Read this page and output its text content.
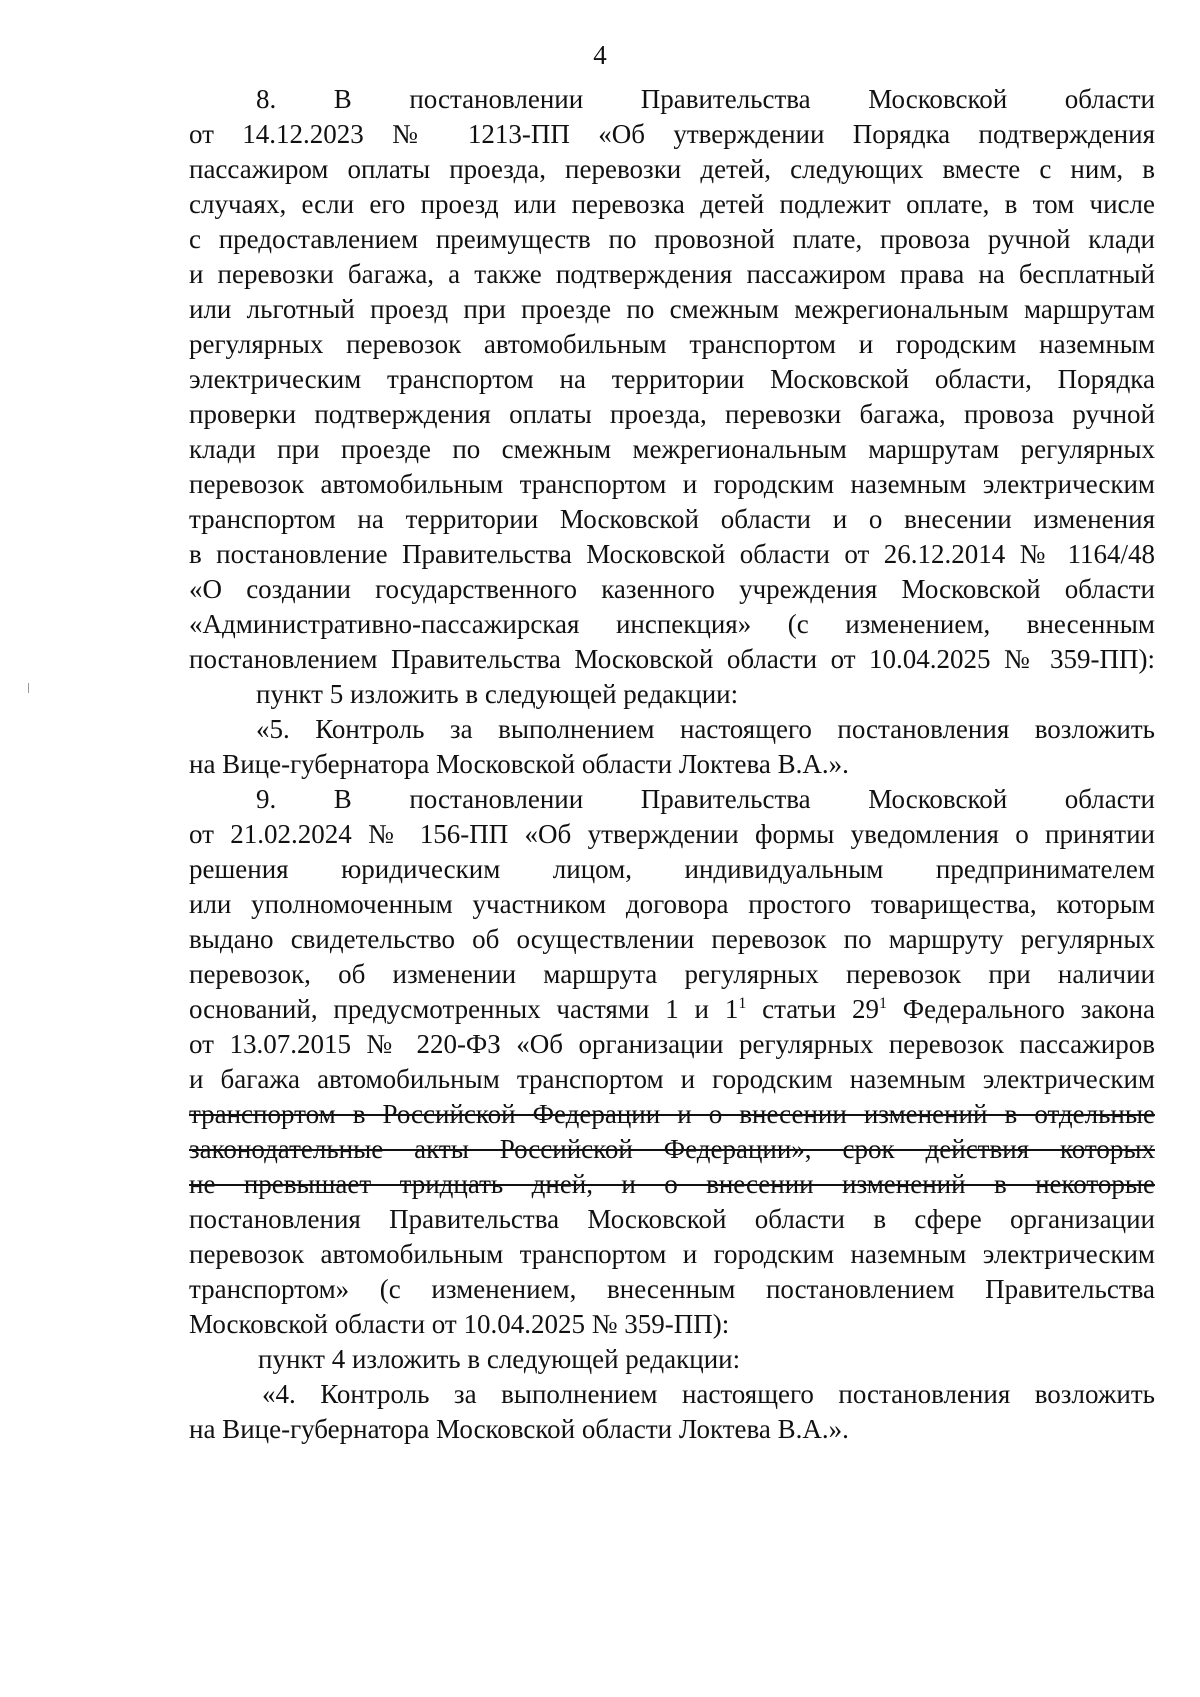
4
8.    В    постановлении    Правительства    Московской    области
от 14.12.2023 № 1213-ПП «Об утверждении Порядка подтверждения
пассажиром оплаты проезда, перевозки детей, следующих вместе с ним, в
случаях, если его проезд или перевозка детей подлежит оплате, в том числе
с предоставлением преимуществ по провозной плате, провоза ручной клади
и перевозки багажа, а также подтверждения пассажиром права на бесплатный
или льготный проезд при проезде по смежным межрегиональным маршрутам
регулярных перевозок автомобильным транспортом и городским наземным
электрическим транспортом на территории Московской области, Порядка
проверки подтверждения оплаты проезда, перевозки багажа, провоза ручной
клади при проезде по смежным межрегиональным маршрутам регулярных
перевозок автомобильным транспортом и городским наземным электрическим
транспортом на территории Московской области и о внесении изменения
в постановление Правительства Московской области от 26.12.2014 № 1164/48
«О создании государственного казенного учреждения Московской области
«Административно-пассажирская инспекция» (с изменением, внесенным
постановлением Правительства Московской области от 10.04.2025 № 359-ПП):
пункт 5 изложить в следующей редакции:
«5. Контроль за выполнением настоящего постановления возложить
на Вице-губернатора Московской области Локтева В.А.».
9.    В    постановлении    Правительства    Московской    области
от 21.02.2024 № 156-ПП «Об утверждении формы уведомления о принятии
решения юридическим лицом, индивидуальным предпринимателем
или уполномоченным участником договора простого товарищества, которым
выдано свидетельство об осуществлении перевозок по маршруту регулярных
перевозок, об изменении маршрута регулярных перевозок при наличии
оснований, предусмотренных частями 1 и $1^1$ статьи $29^1$ Федерального закона
от 13.07.2015 № 220-ФЗ «Об организации регулярных перевозок пассажиров
и багажа автомобильным транспортом и городским наземным электрическим
транспортом в Российской Федерации и о внесении изменений в отдельные
законодательные акты Российской Федерации», срок действия которых
не превышает тридцать дней, и о внесении изменений в некоторые
постановления Правительства Московской области в сфере организации
перевозок автомобильным транспортом и городским наземным электрическим
транспортом» (с изменением, внесенным постановлением Правительства
Московской области от 10.04.2025 № 359-ПП):
пункт 4 изложить в следующей редакции:
«4. Контроль за выполнением настоящего постановления возложить
на Вице-губернатора Московской области Локтева В.А.».
